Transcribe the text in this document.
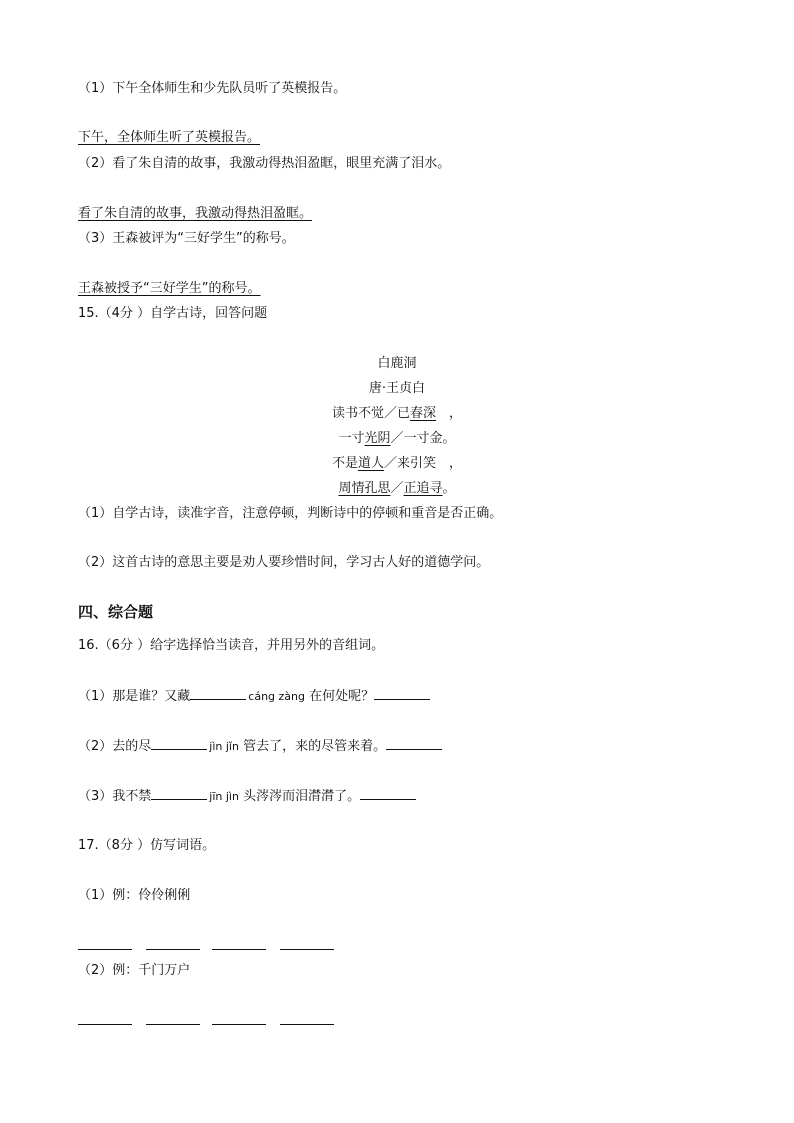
（1）下午全体师生和少先队员听了英模报告。
下午，全体师生听了英模报告。
（2）看了朱自清的故事，我激动得热泪盈眶，眼里充满了泪水。
看了朱自清的故事，我激动得热泪盈眶。
（3）王森被评为“三好学生”的称号。
王森被授予“三好学生”的称号。
15.（4分 ）自学古诗，回答问题
白鹿洞
唐·王贞白
读书不觉／已春深　，
一寸光阴／一寸金。
不是道人／来引笑　，
周情孔思／正追寻。
（1）自学古诗，读准字音，注意停顿，判断诗中的停顿和重音是否正确。
（2）这首古诗的意思主要是劝人要珍惜时间，学习古人好的道德学问。
四、综合题
16.（6分 ）给字选择恰当读音，并用另外的音组词。
（1）那是谁？又藏	cáng zàng 在何处呢？
（2）去的尽	jìn jǐn 管去了，来的尽管来着。
（3）我不禁	jīn jìn 头涔涔而泪潸潸了。
17.（8分 ）仿写词语。
（1）例：伶伶俐俐
（2）例：千门万户
